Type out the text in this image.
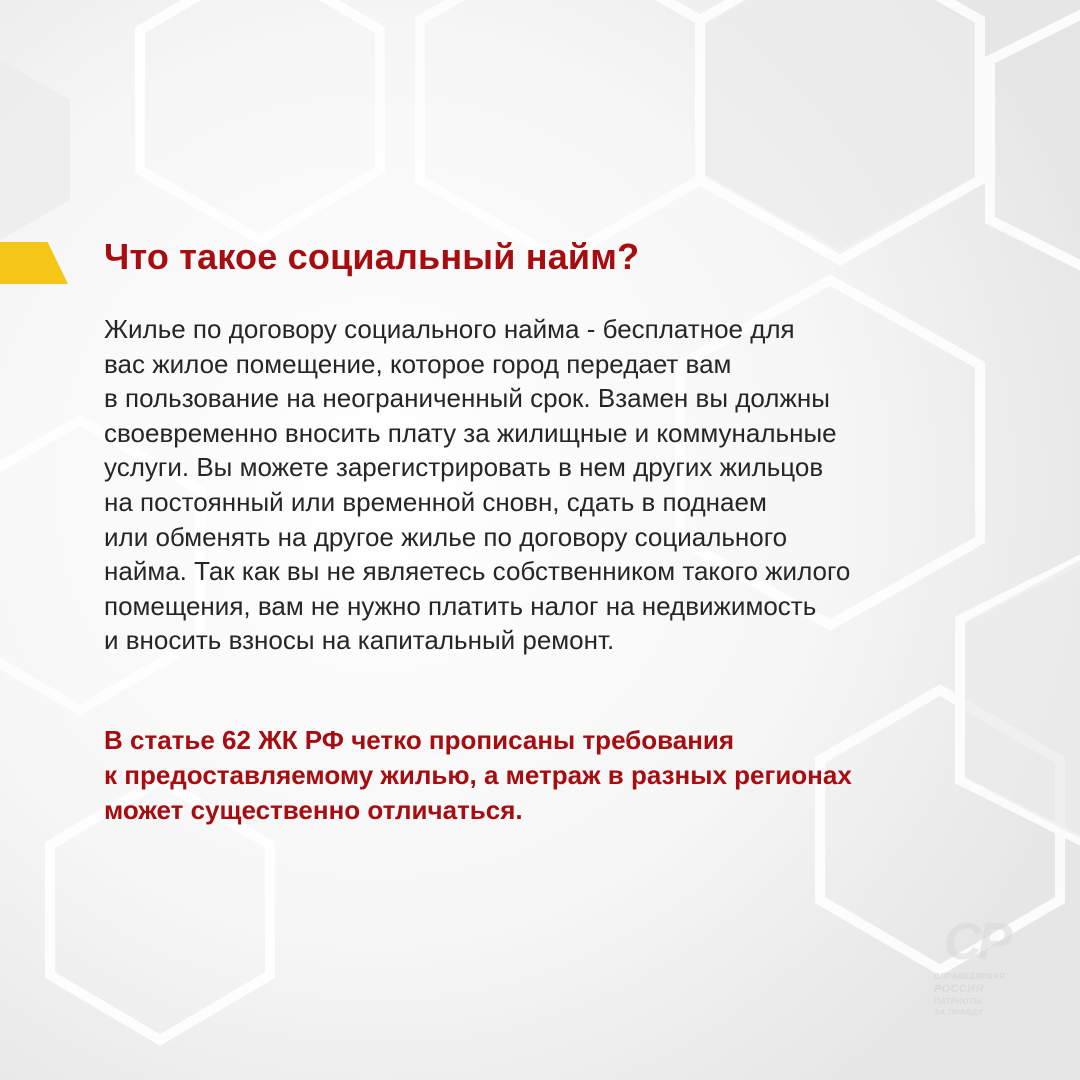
Что такое социальный найм?

Жилье по договору социального найма - бесплатное для
вас жилое помещение, которое город передает вам
в пользование на неограниченный срок. Взамен вы должны
своевременно вносить плату за жилищные и коммунальные
услуги. Вы можете зарегистрировать в нем других жильцов
на постоянный или временной сновн, сдать в поднаем
или обменять на другое жилье по договору социального
найма. Так как вы не являетесь собственником такого жилого
помещения, вам не нужно платить налог на недвижимость
и вносить взносы на капитальный ремонт.

В статье 62 ЖК РФ четко прописаны требования
к предоставляемому жилью, а метраж в разных регионах
может существенно отличаться.

СР
СПРАВЕДЛИВАЯ
РОССИЯ
ПАТРИОТЫ
ЗА ПРАВДУ
